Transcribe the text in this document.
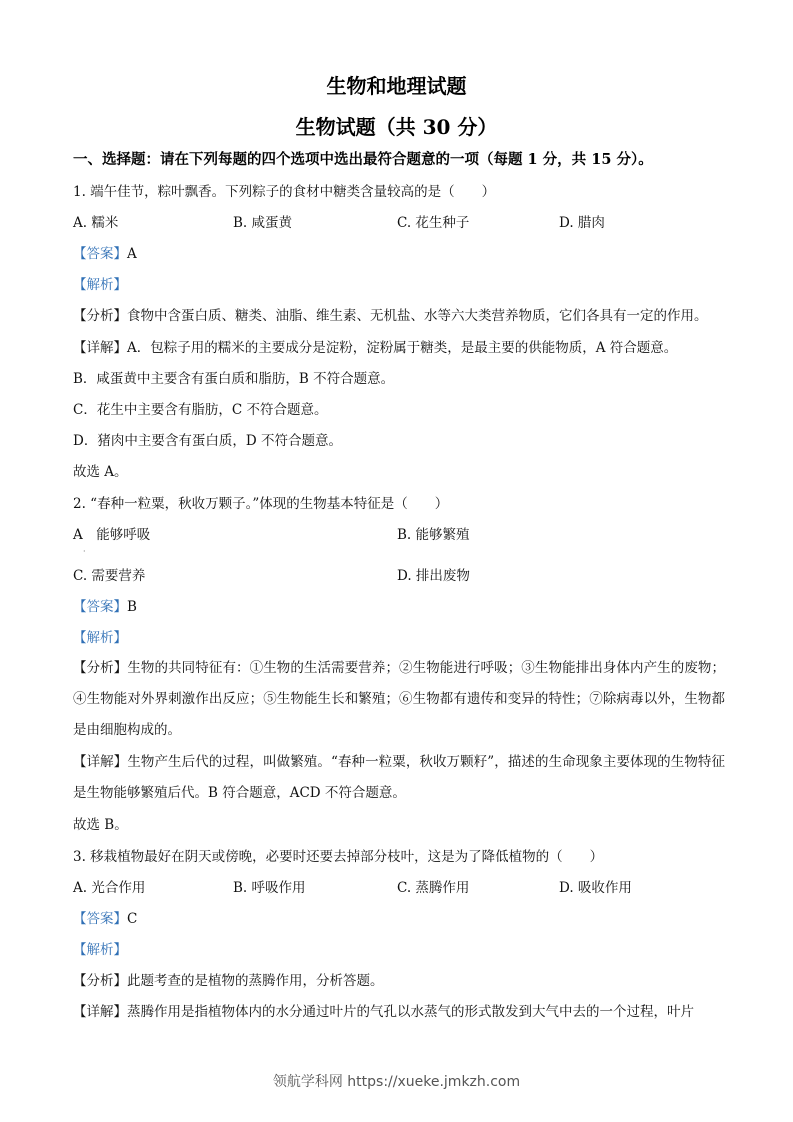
生物和地理试题
生物试题（共 30 分）
一、选择题：请在下列每题的四个选项中选出最符合题意的一项（每题 1 分，共 15 分）。
1. 端午佳节，粽叶飘香。下列粽子的食材中糖类含量较高的是（　　）
A. 糯米	B. 咸蛋黄	C. 花生种子	D. 腊肉
【答案】A
【解析】
【分析】食物中含蛋白质、糖类、油脂、维生素、无机盐、水等六大类营养物质，它们各具有一定的作用。
【详解】A．包粽子用的糯米的主要成分是淀粉，淀粉属于糖类，是最主要的供能物质，A 符合题意。
B．咸蛋黄中主要含有蛋白质和脂肪，B 不符合题意。
C．花生中主要含有脂肪，C 不符合题意。
D．猪肉中主要含有蛋白质，D 不符合题意。
故选 A。
2. “春种一粒粟，秋收万颗子。”体现的生物基本特征是（　　）
A　能够呼吸
·
B. 能够繁殖
C. 需要营养	D. 排出废物
【答案】B
【解析】
【分析】生物的共同特征有：①生物的生活需要营养；②生物能进行呼吸；③生物能排出身体内产生的废物；④生物能对外界刺激作出反应；⑤生物能生长和繁殖；⑥生物都有遗传和变异的特性；⑦除病毒以外，生物都是由细胞构成的。
【详解】生物产生后代的过程，叫做繁殖。“春种一粒粟，秋收万颗籽”，描述的生命现象主要体现的生物特征是生物能够繁殖后代。B 符合题意，ACD 不符合题意。
故选 B。
3. 移栽植物最好在阴天或傍晚，必要时还要去掉部分枝叶，这是为了降低植物的（　　）
A. 光合作用	B. 呼吸作用	C. 蒸腾作用	D. 吸收作用
【答案】C
【解析】
【分析】此题考查的是植物的蒸腾作用，分析答题。
【详解】蒸腾作用是指植物体内的水分通过叶片的气孔以水蒸气的形式散发到大气中去的一个过程，叶片
领航学科网 https://xueke.jmkzh.com
